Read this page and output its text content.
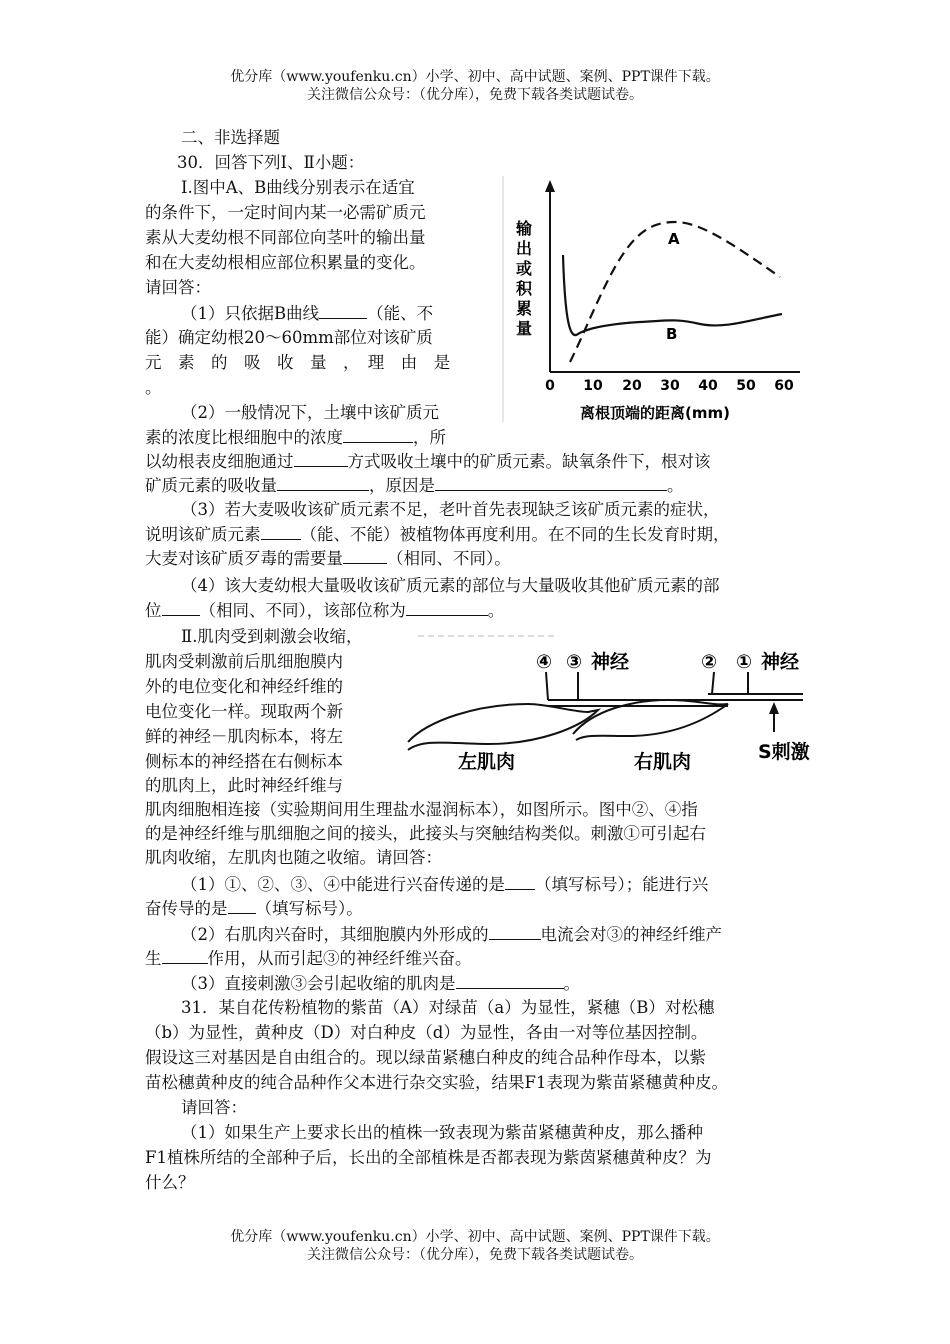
优分库（www.youfenku.cn）小学、初中、高中试题、案例、PPT课件下载。
关注微信公众号：（优分库），免费下载各类试题试卷。
二、非选择题
30．回答下列Ⅰ、Ⅱ小题：
Ⅰ.图中A、B曲线分别表示在适宜
的条件下，一定时间内某一必需矿质元
素从大麦幼根不同部位向茎叶的输出量
和在大麦幼根相应部位积累量的变化。
请回答：
（1）只依据B曲线	（能、不
能）确定幼根20～60mm部位对该矿质
元　素　的　吸　收　量　，　理　由　是
。
（2）一般情况下，土壤中该矿质元
素的浓度比根细胞中的浓度	，所
以幼根表皮细胞通过	方式吸收土壤中的矿质元素。缺氧条件下，根对该
矿质元素的吸收量	，原因是	。
（3）若大麦吸收该矿质元素不足，老叶首先表现缺乏该矿质元素的症状，
说明该矿质元素 （能、不能）被植物体再度利用。在不同的生长发育时期，
大麦对该矿质歹毒的需要量	（相同、不同）。
（4）该大麦幼根大量吸收该矿质元素的部位与大量吸收其他矿质元素的部
位 （相同、不同），该部位称为	。
Ⅱ.肌肉受到刺激会收缩，
肌肉受刺激前后肌细胞膜内
外的电位变化和神经纤维的
电位变化一样。现取两个新
鲜的神经－肌肉标本，将左
侧标本的神经搭在右侧标本
的肌肉上，此时神经纤维与
肌肉细胞相连接（实验期间用生理盐水湿润标本），如图所示。图中②、④指
的是神经纤维与肌细胞之间的接头，此接头与突触结构类似。刺激①可引起右
肌肉收缩，左肌肉也随之收缩。请回答：
（1）①、②、③、④中能进行兴奋传递的是 （填写标号）；能进行兴
奋传导的是 （填写标号）。
（2）右肌肉兴奋时，其细胞膜内外形成的	电流会对③的神经纤维产
生	作用，从而引起③的神经纤维兴奋。
（3）直接刺激③会引起收缩的肌肉是	。
31．某自花传粉植物的紫苗（A）对绿苗（a）为显性，紧穗（B）对松穗
（b）为显性，黄种皮（D）对白种皮（d）为显性，各由一对等位基因控制。
假设这三对基因是自由组合的。现以绿苗紧穗白种皮的纯合品种作母本，以紫
苗松穗黄种皮的纯合品种作父本进行杂交实验，结果F1表现为紫苗紧穗黄种皮。
请回答：
（1）如果生产上要求长出的植株一致表现为紫苗紧穗黄种皮，那么播种
F1植株所结的全部种子后，长出的全部植株是否都表现为紫茵紧穗黄种皮？为
什么？
A
B
输
出
或
积
累
量
0 10 20 30 40 50 60
离根顶端的距离(mm)
④ ③ 神经	② ① 神经
左肌肉	右肌肉	S刺激
优分库（www.youfenku.cn）小学、初中、高中试题、案例、PPT课件下载。
关注微信公众号：（优分库），免费下载各类试题试卷。
